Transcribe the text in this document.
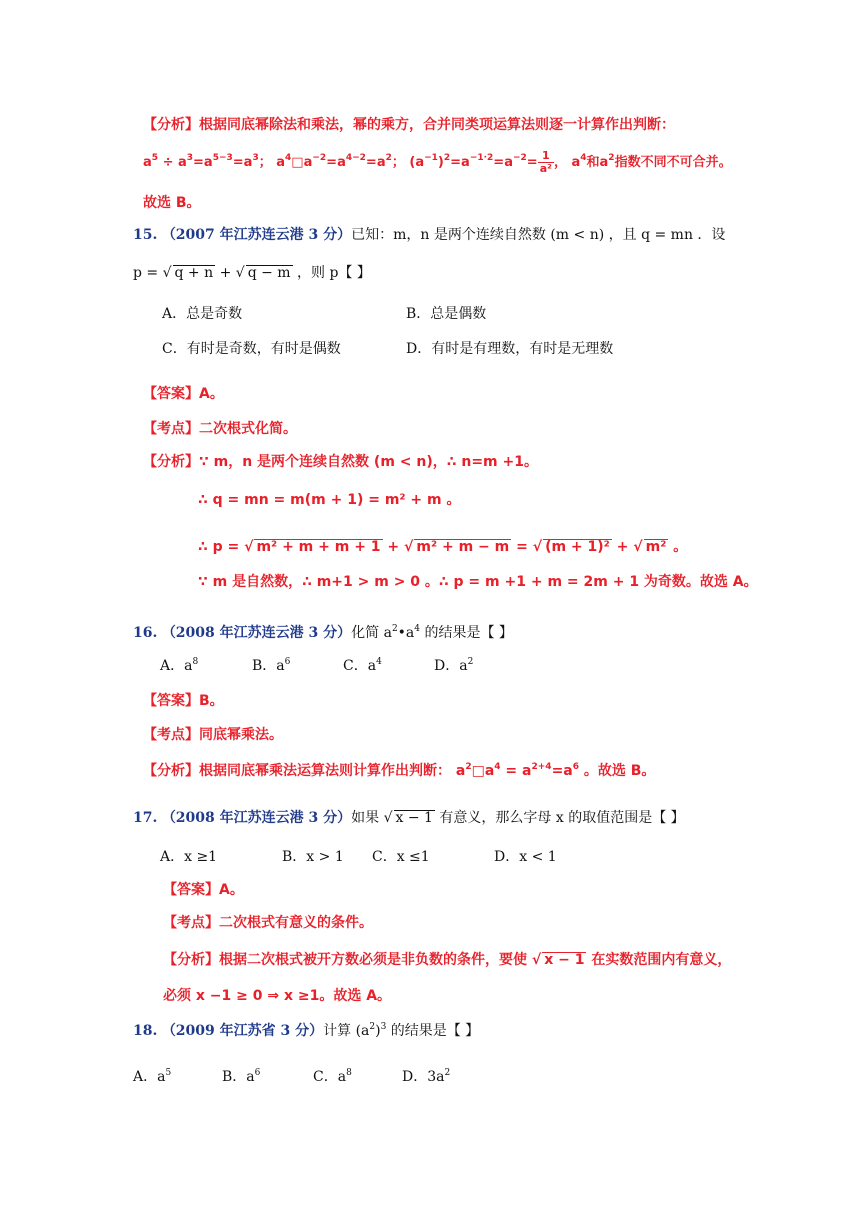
【分析】根据同底幂除法和乘法，幂的乘方，合并同类项运算法则逐一计算作出判断：
$a^5 \div a^3=a^{5-3}=a^3$； $a^4□a^{-2}=a^{4-2}=a^2$； $(a^{-1})^2=a^{-1\cdot 2}=a^{-2}= \frac{1}{\text{a²}}$ ， $a^4$和$a^2$指数不同不可合并。
故选 B。
15. （2007 年江苏连云港 3 分）已知：m，n 是两个连续自然数 (m < n) ，且 q = mn ．设
p = √ q + n + √ q − m ，则 p【 】
A．总是奇数	B．总是偶数
C．有时是奇数，有时是偶数	D．有时是有理数，有时是无理数
【答案】A。
【考点】二次根式化简。
【分析】∵ m，n 是两个连续自然数 (m < n)，∴ n=m +1。
∴ q = mn = m(m + 1) = m² + m 。
∴ p = √ m² + m + m + 1 + √ m² + m − m = √ (m + 1)² + √ m² 。
∵ m 是自然数，∴ m+1 > m > 0 。∴ p = m +1 + m = 2m + 1 为奇数。故选 A。
16. （2008 年江苏连云港 3 分）化简 $a^2•a^4$ 的结果是【 】
A．$a^8$	B．$a^6$	C．$a^4$	D．$a^2$
【答案】B。
【考点】同底幂乘法。
【分析】根据同底幂乘法运算法则计算作出判断： $a^2□a^4 = a^{2+4}=a^6$ 。故选 B。
17. （2008 年江苏连云港 3 分）如果 √ x − 1 有意义，那么字母 x 的取值范围是【 】
A．x ≥1	B．x > 1 C．x ≤1	D．x < 1
【答案】A。
【考点】二次根式有意义的条件。
【分析】根据二次根式被开方数必须是非负数的条件，要使 √ x − 1 在实数范围内有意义，
必须 x −1 ≥ 0 ⇒ x ≥1。故选 A。
18. （2009 年江苏省 3 分）计算 $(a^2)^3$ 的结果是【 】
A．$a^5$	B．$a^6$	C．$a^8$	D．$3a^2$
